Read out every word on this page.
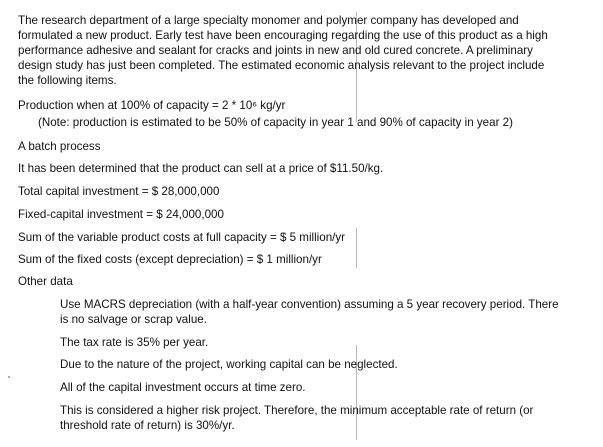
The research department of a large specialty monomer and polymer company has developed and
formulated a new product. Early test have been encouraging regarding the use of this product as a high
performance adhesive and sealant for cracks and joints in new and old cured concrete. A preliminary
design study has just been completed. The estimated economic analysis relevant to the project include
the following items.
Production when at 100% of capacity = 2 * 10⁶ kg/yr
(Note: production is estimated to be 50% of capacity in year 1 and 90% of capacity in year 2)
A batch process
It has been determined that the product can sell at a price of $11.50/kg.
Total capital investment = $ 28,000,000
Fixed-capital investment = $ 24,000,000
Sum of the variable product costs at full capacity = $ 5 million/yr
Sum of the fixed costs (except depreciation) = $ 1 million/yr
Other data
Use MACRS depreciation (with a half-year convention) assuming a 5 year recovery period. There
is no salvage or scrap value.
The tax rate is 35% per year.
Due to the nature of the project, working capital can be neglected.
All of the capital investment occurs at time zero.
This is considered a higher risk project. Therefore, the minimum acceptable rate of return (or
threshold rate of return) is 30%/yr.
